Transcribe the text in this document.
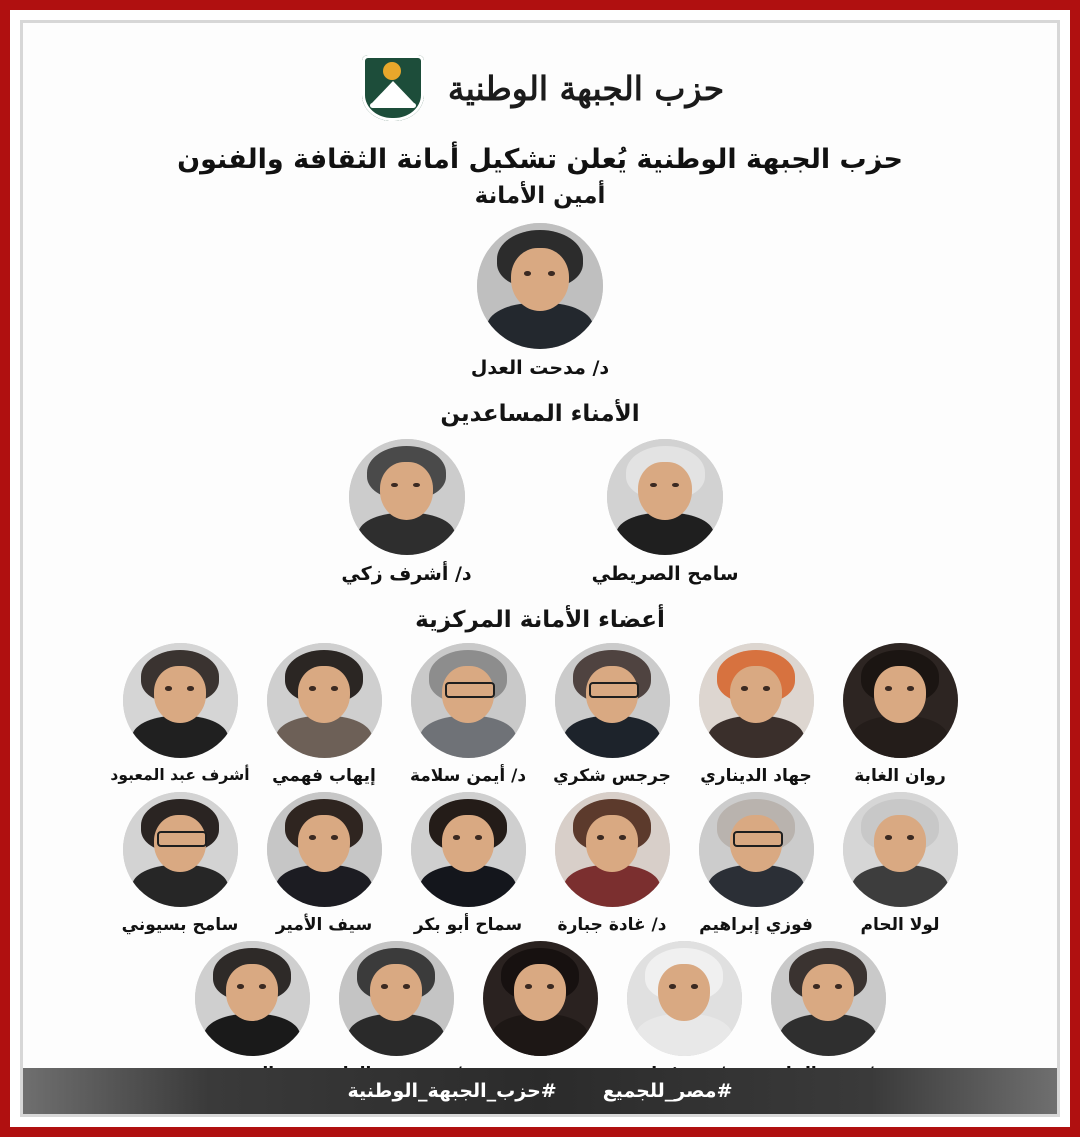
حزب الجبهة الوطنية
حزب الجبهة الوطنية يُعلن تشكيل أمانة الثقافة والفنون
أمين الأمانة
د/ مدحت العدل
الأمناء المساعدين
د/ أشرف زكي	سامح الصريطي
أعضاء الأمانة المركزية
أشرف عبد المعبود إيهاب فهمي د/ أيمن سلامة جرجس شكري جهاد الديناري روان الغابة
سامح بسيوني سيف الأمير سماح أبو بكر د/ غادة جبارة فوزي إبراهيم	لولا الحام
#حزب_الجبهة_الوطنية #مصر_للجميع
